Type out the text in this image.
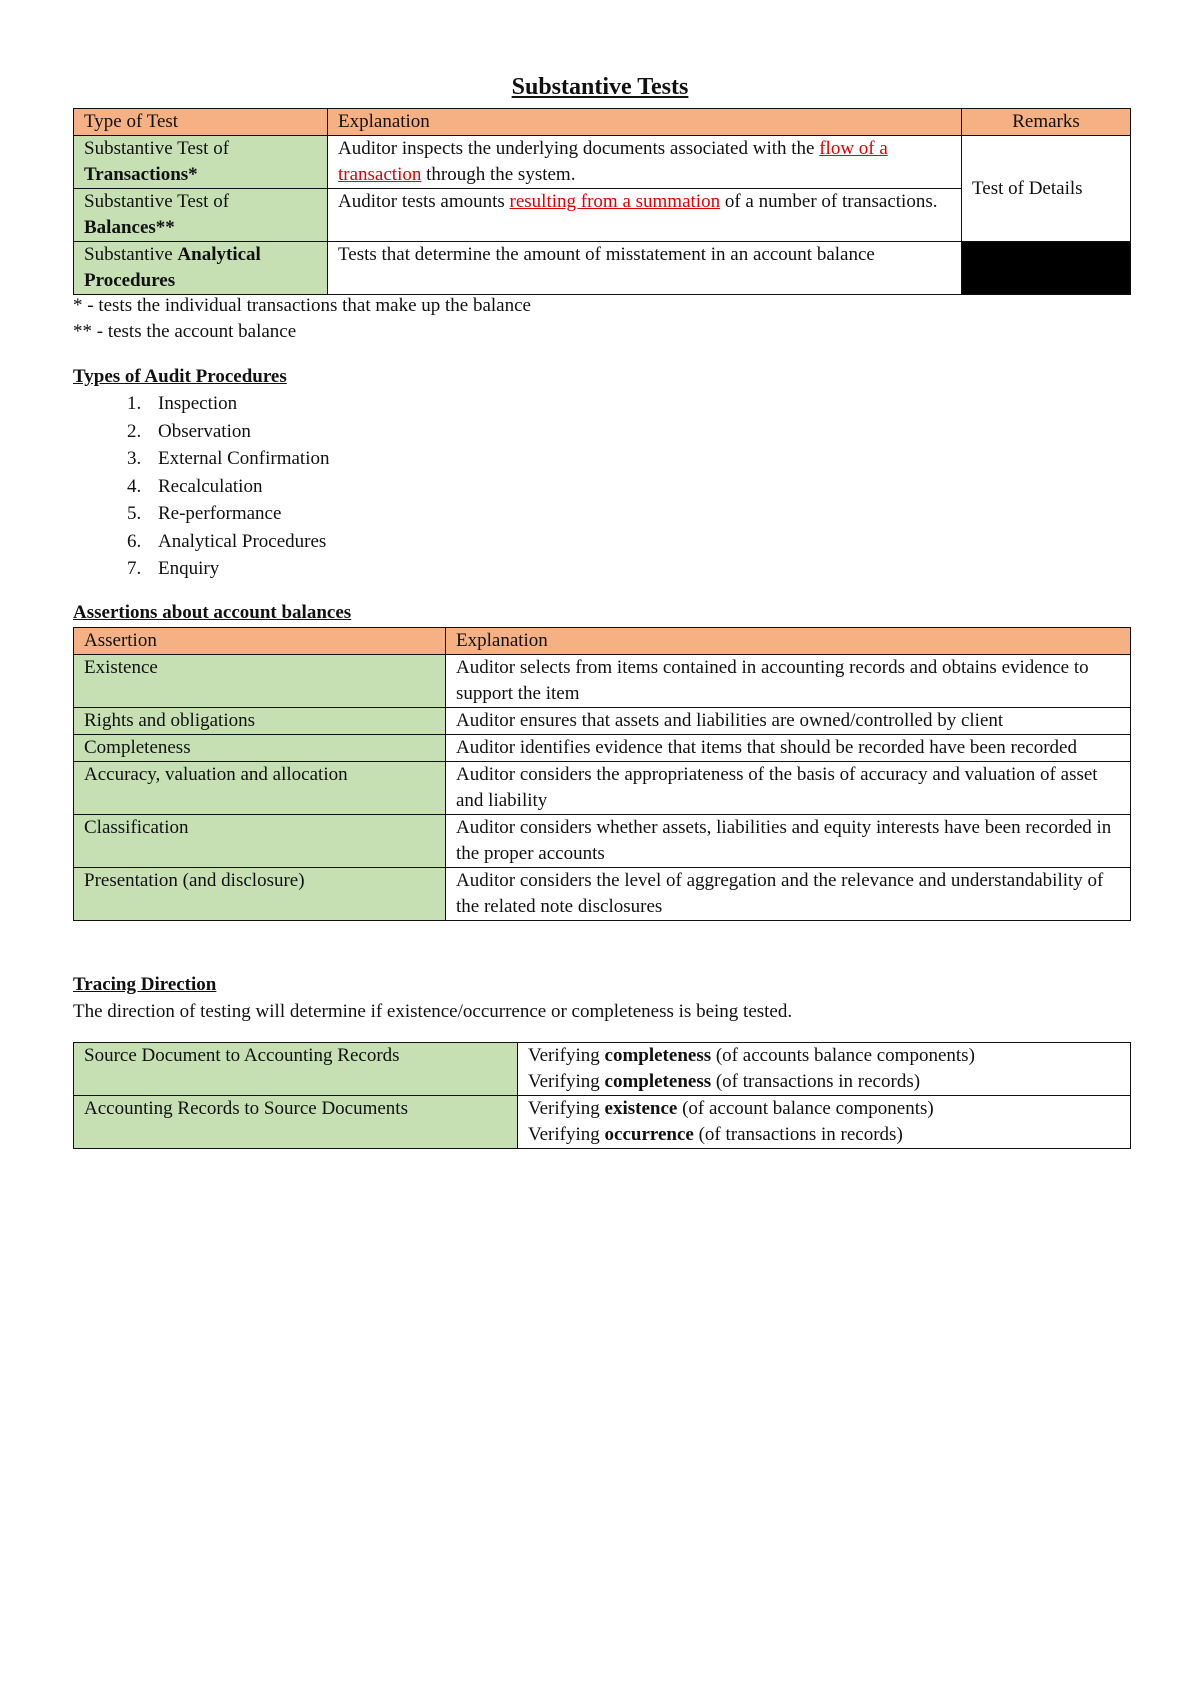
Substantive Tests
Type of Test	Explanation	Remarks
Substantive Test of
Transactions*	Auditor inspects the underlying documents associated with the flow of a transaction through the system.	Test of Details
Substantive Test of
Balances**	Auditor tests amounts resulting from a summation of a number of transactions.	
Substantive Analytical Procedures	Tests that determine the amount of misstatement in an account balance	
* - tests the individual transactions that make up the balance
** - tests the account balance
Types of Audit Procedures
1. Inspection
2. Observation
3. External Confirmation
4. Recalculation
5. Re-performance
6. Analytical Procedures
7. Enquiry
Assertions about account balances
Assertion	Explanation
Existence	Auditor selects from items contained in accounting records and obtains evidence to support the item
Rights and obligations	Auditor ensures that assets and liabilities are owned/controlled by client
Completeness	Auditor identifies evidence that items that should be recorded have been recorded
Accuracy, valuation and allocation	Auditor considers the appropriateness of the basis of accuracy and valuation of asset and liability
Classification	Auditor considers whether assets, liabilities and equity interests have been recorded in the proper accounts
Presentation (and disclosure)	Auditor considers the level of aggregation and the relevance and understandability of the related note disclosures
Tracing Direction
The direction of testing will determine if existence/occurrence or completeness is being tested.
Source Document to Accounting Records	Verifying completeness (of accounts balance components)
Verifying completeness (of transactions in records)

Accounting Records to Source Documents	Verifying existence (of account balance components)
Verifying occurrence (of transactions in records)
